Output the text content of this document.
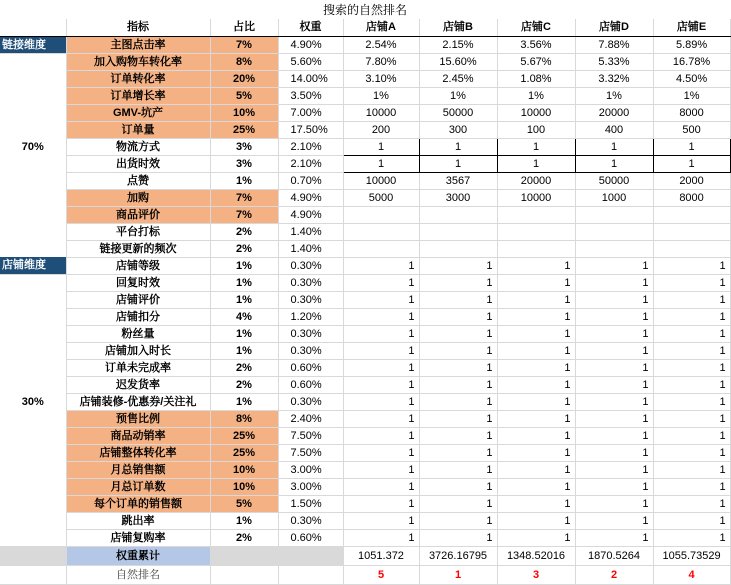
搜索的自然排名								
	指标	占比	权重	店铺A	店铺B	店铺C	店铺D	店铺E
链接维度	主图点击率	7%	4.90%	2.54%	2.15%	3.56%	7.88%	5.89%
	加入购物车转化率	8%	5.60%	7.80%	15.60%	5.67%	5.33%	16.78%
	订单转化率	20%	14.00%	3.10%	2.45%	1.08%	3.32%	4.50%
	订单增长率	5%	3.50%	1%	1%	1%	1%	1%
	GMV-坑产	10%	7.00%	10000	50000	10000	20000	8000
	订单量	25%	17.50%	200	300	100	400	500
70%	物流方式	3%	2.10%	1	1	1	1	1
	出货时效	3%	2.10%	1	1	1	1	1
	点赞	1%	0.70%	10000	3567	20000	50000	2000
	加购	7%	4.90%	5000	3000	10000	1000	8000
	商品评价	7%	4.90%					
	平台打标	2%	1.40%					
	链接更新的频次	2%	1.40%					
店铺维度	店铺等级	1%	0.30%	1	1	1	1	1
	回复时效	1%	0.30%	1	1	1	1	1
	店铺评价	1%	0.30%	1	1	1	1	1
	店铺扣分	4%	1.20%	1	1	1	1	1
	粉丝量	1%	0.30%	1	1	1	1	1
	店铺加入时长	1%	0.30%	1	1	1	1	1
	订单未完成率	2%	0.60%	1	1	1	1	1
	迟发货率	2%	0.60%	1	1	1	1	1
30%	店铺装修-优惠券/关注礼	1%	0.30%	1	1	1	1	1
	预售比例	8%	2.40%	1	1	1	1	1
	商品动销率	25%	7.50%	1	1	1	1	1
	店铺整体转化率	25%	7.50%	1	1	1	1	1
	月总销售额	10%	3.00%	1	1	1	1	1
	月总订单数	10%	3.00%	1	1	1	1	1
	每个订单的销售额	5%	1.50%	1	1	1	1	1
	跳出率	1%	0.30%	1	1	1	1	1
	店铺复购率	2%	0.60%	1	1	1	1	1
	权重累计			1051.372	3726.16795	1348.52016	1870.5264	1055.73529
	自然排名			5	1	3	2	4
